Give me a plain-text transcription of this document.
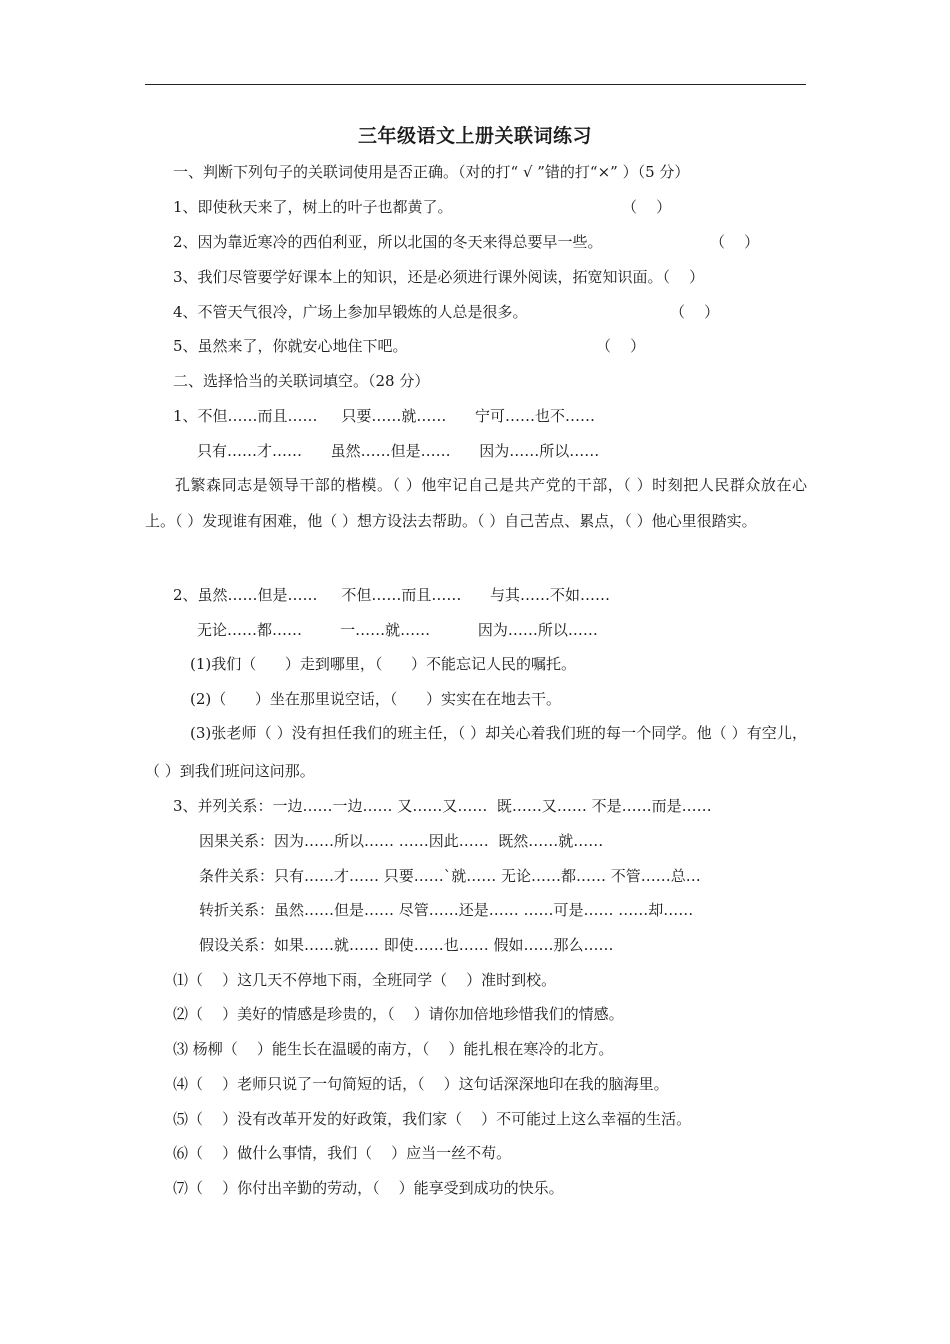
三年级语文上册关联词练习
一、判断下列句子的关联词使用是否正确。（对的打“ √ ”错的打“×” ）（5 分）
1、即使秋天来了，树上的叶子也都黄了。	（    ）
2、因为靠近寒冷的西伯利亚，所以北国的冬天来得总要早一些。	（    ）
3、我们尽管要学好课本上的知识，还是必须进行课外阅读，拓宽知识面。（    ）
4、不管天气很冷，广场上参加早锻炼的人总是很多。	（    ）
5、虽然来了，你就安心地住下吧。	（    ）
二、选择恰当的关联词填空。（28 分）
1、不但……而且……     只要……就……      宁可……也不……
只有……才……      虽然……但是……      因为……所以……
孔繁森同志是领导干部的楷模。（ ）他牢记自己是共产党的干部，（ ）时刻把人民群众放在心上。（ ）发现谁有困难，他（ ）想方设法去帮助。（ ）自己苦点、累点，（ ）他心里很踏实。
2、虽然……但是……     不但……而且……      与其……不如……
无论……都……        一……就……          因为……所以……
(1)我们（      ）走到哪里，（      ）不能忘记人民的嘱托。
(2)（      ）坐在那里说空话，（      ）实实在在地去干。
(3)张老师（ ）没有担任我们的班主任，（ ）却关心着我们班的每一个同学。他（ ）有空儿，（ ）到我们班问这问那。
3、并列关系：一边……一边…… 又……又……  既……又…… 不是……而是……
因果关系：因为……所以…… ……因此……  既然……就……
条件关系：只有……才…… 只要……`就…… 无论……都…… 不管……总…
转折关系：虽然……但是…… 尽管……还是…… ……可是…… ……却……
假设关系：如果……就…… 即使……也…… 假如……那么……
⑴（    ）这几天不停地下雨，全班同学（    ）准时到校。
⑵（    ）美好的情感是珍贵的，（    ）请你加倍地珍惜我们的情感。
⑶ 杨柳（    ）能生长在温暖的南方，（    ）能扎根在寒冷的北方。
⑷（    ）老师只说了一句简短的话，（    ）这句话深深地印在我的脑海里。
⑸（    ）没有改革开发的好政策，我们家（    ）不可能过上这么幸福的生活。
⑹（    ）做什么事情，我们（    ）应当一丝不苟。
⑺（    ）你付出辛勤的劳动，（    ）能享受到成功的快乐。
